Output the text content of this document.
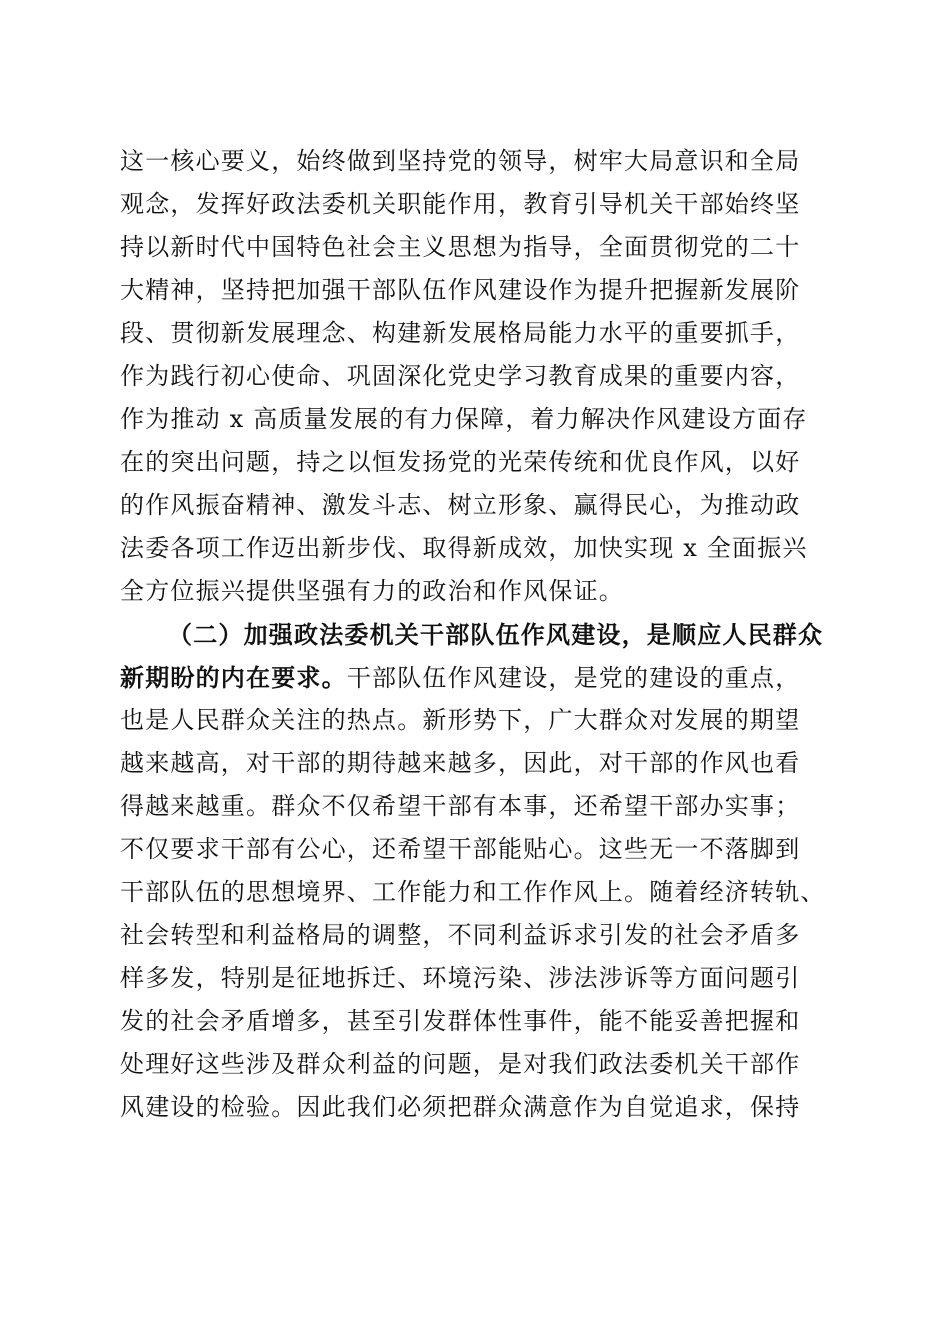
这一核心要义，始终做到坚持党的领导，树牢大局意识和全局
观念，发挥好政法委机关职能作用，教育引导机关干部始终坚
持以新时代中国特色社会主义思想为指导，全面贯彻党的二十
大精神，坚持把加强干部队伍作风建设作为提升把握新发展阶
段、贯彻新发展理念、构建新发展格局能力水平的重要抓手，
作为践行初心使命、巩固深化党史学习教育成果的重要内容，
作为推动 x 高质量发展的有力保障，着力解决作风建设方面存
在的突出问题，持之以恒发扬党的光荣传统和优良作风，以好
的作风振奋精神、激发斗志、树立形象、赢得民心，为推动政
法委各项工作迈出新步伐、取得新成效，加快实现 x 全面振兴
全方位振兴提供坚强有力的政治和作风保证。
（二）加强政法委机关干部队伍作风建设，是顺应人民群众
新期盼的内在要求。干部队伍作风建设，是党的建设的重点，
也是人民群众关注的热点。新形势下，广大群众对发展的期望
越来越高，对干部的期待越来越多，因此，对干部的作风也看
得越来越重。群众不仅希望干部有本事，还希望干部办实事；
不仅要求干部有公心，还希望干部能贴心。这些无一不落脚到
干部队伍的思想境界、工作能力和工作作风上。随着经济转轨、
社会转型和利益格局的调整，不同利益诉求引发的社会矛盾多
样多发，特别是征地拆迁、环境污染、涉法涉诉等方面问题引
发的社会矛盾增多，甚至引发群体性事件，能不能妥善把握和
处理好这些涉及群众利益的问题，是对我们政法委机关干部作
风建设的检验。因此我们必须把群众满意作为自觉追求，保持
